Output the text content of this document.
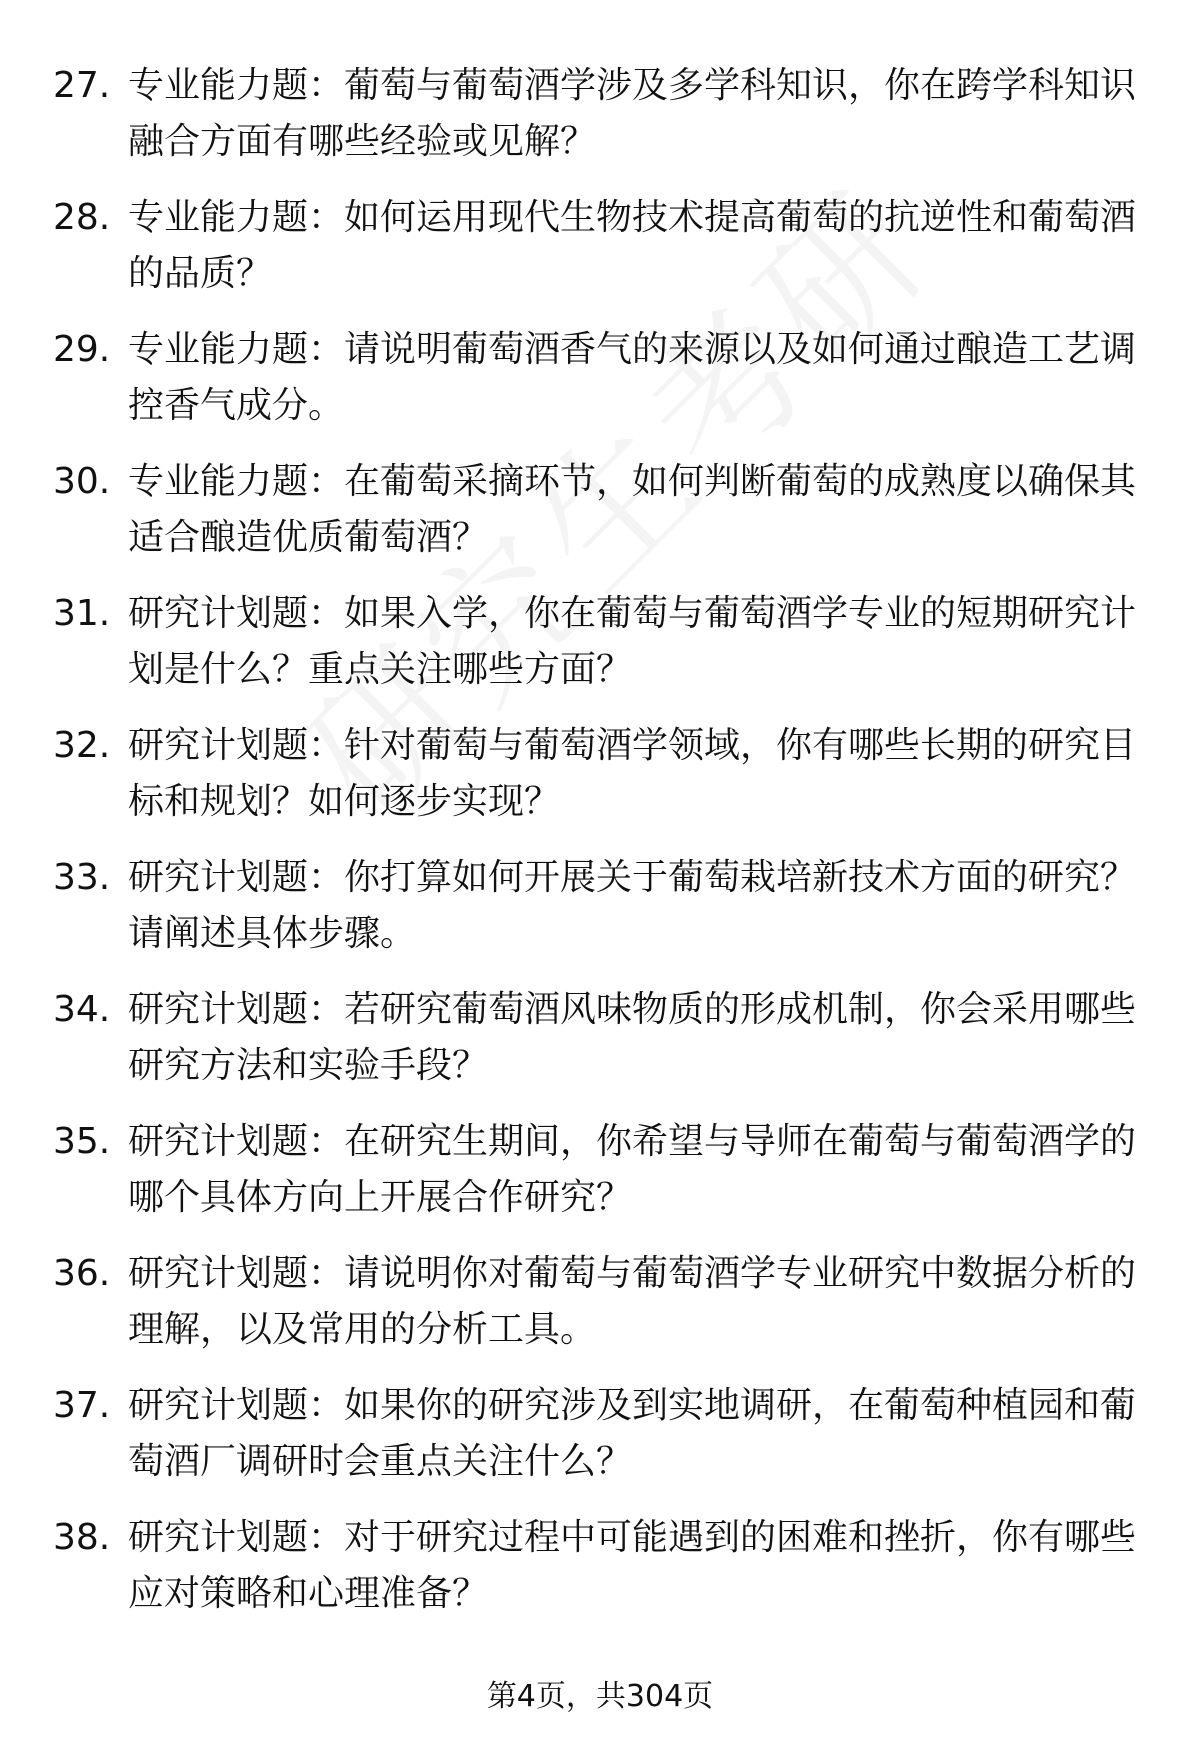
27. 专业能力题：葡萄与葡萄酒学涉及多学科知识，你在跨学科知识
融合方面有哪些经验或见解？
28. 专业能力题：如何运用现代生物技术提高葡萄的抗逆性和葡萄酒
的品质？
29. 专业能力题：请说明葡萄酒香气的来源以及如何通过酿造工艺调
控香气成分。
30. 专业能力题：在葡萄采摘环节，如何判断葡萄的成熟度以确保其
适合酿造优质葡萄酒？
31. 研究计划题：如果入学，你在葡萄与葡萄酒学专业的短期研究计
划是什么？重点关注哪些方面？
32. 研究计划题：针对葡萄与葡萄酒学领域，你有哪些长期的研究目
标和规划？如何逐步实现？
33. 研究计划题：你打算如何开展关于葡萄栽培新技术方面的研究？
请阐述具体步骤。
34. 研究计划题：若研究葡萄酒风味物质的形成机制，你会采用哪些
研究方法和实验手段？
35. 研究计划题：在研究生期间，你希望与导师在葡萄与葡萄酒学的
哪个具体方向上开展合作研究？
36. 研究计划题：请说明你对葡萄与葡萄酒学专业研究中数据分析的
理解，以及常用的分析工具。
37. 研究计划题：如果你的研究涉及到实地调研，在葡萄种植园和葡
萄酒厂调研时会重点关注什么？
38. 研究计划题：对于研究过程中可能遇到的困难和挫折，你有哪些
应对策略和心理准备？
第4页，共304页
